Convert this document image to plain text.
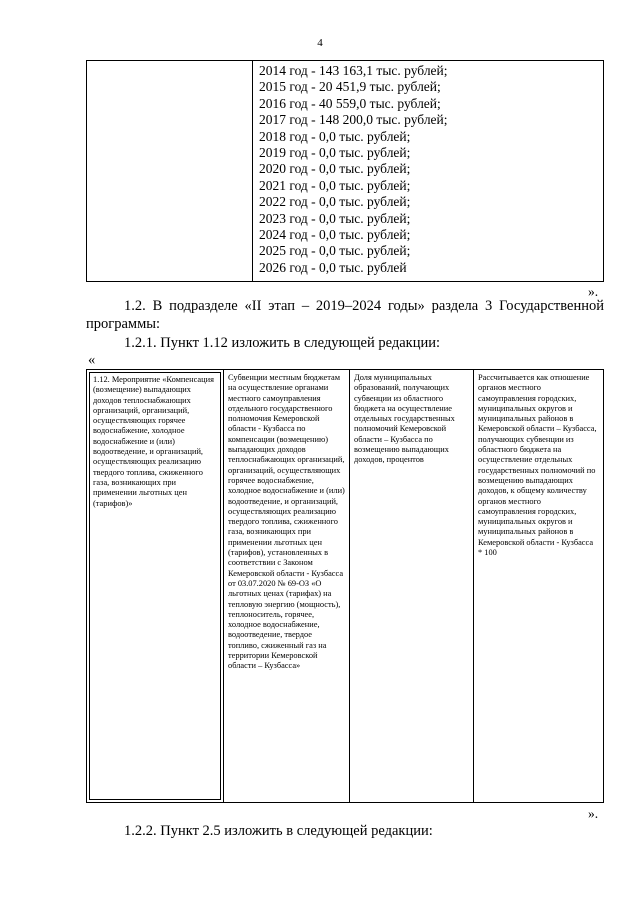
4
2014 год - 143 163,1 тыс. рублей;
2015 год - 20 451,9 тыс. рублей;
2016 год - 40 559,0 тыс. рублей;
2017 год - 148 200,0 тыс. рублей;
2018 год - 0,0 тыс. рублей;
2019 год - 0,0 тыс. рублей;
2020 год - 0,0 тыс. рублей;
2021 год - 0,0 тыс. рублей;
2022 год - 0,0 тыс. рублей;
2023 год - 0,0 тыс. рублей;
2024 год - 0,0 тыс. рублей;
2025 год - 0,0 тыс. рублей;
2026 год - 0,0 тыс. рублей
».
1.2. В подразделе «II этап – 2019–2024 годы» раздела 3 Государственной программы:
1.2.1. Пункт 1.12 изложить в следующей редакции:
«
1.12. Мероприятие «Компенсация (возмещение) выпадающих доходов теплоснабжающих организаций, организаций, осуществляющих горячее водоснабжение, холодное водоснабжение и (или) водоотведение, и организаций, осуществляющих реализацию твердого топлива, сжиженного газа, возникающих при применении льготных цен (тарифов)»
Субвенции местным бюджетам на осуществление органами местного самоуправления отдельного государственного полномочия Кемеровской области - Кузбасса по компенсации (возмещению) выпадающих доходов теплоснабжающих организаций, организаций, осуществляющих горячее водоснабжение, холодное водоснабжение и (или) водоотведение, и организаций, осуществляющих реализацию твердого топлива, сжиженного газа, возникающих при применении льготных цен (тарифов), установленных в соответствии с Законом Кемеровской области - Кузбасса от 03.07.2020 № 69-ОЗ «О льготных ценах (тарифах) на тепловую энергию (мощность), теплоноситель, горячее, холодное водоснабжение, водоотведение, твердое топливо, сжиженный газ на территории Кемеровской области – Кузбасса»
Доля муниципальных образований, получающих субвенции из областного бюджета на осуществление отдельных государственных полномочий Кемеровской области – Кузбасса по возмещению выпадающих доходов, процентов
Рассчитывается как отношение органов местного самоуправления городских, муниципальных округов и муниципальных районов в Кемеровской области – Кузбасса, получающих субвенции из областного бюджета на осуществление отдельных государственных полномочий по возмещению выпадающих доходов, к общему количеству органов местного самоуправления городских, муниципальных округов и муниципальных районов в Кемеровской области - Кузбасса * 100
».
1.2.2. Пункт 2.5 изложить в следующей редакции:
